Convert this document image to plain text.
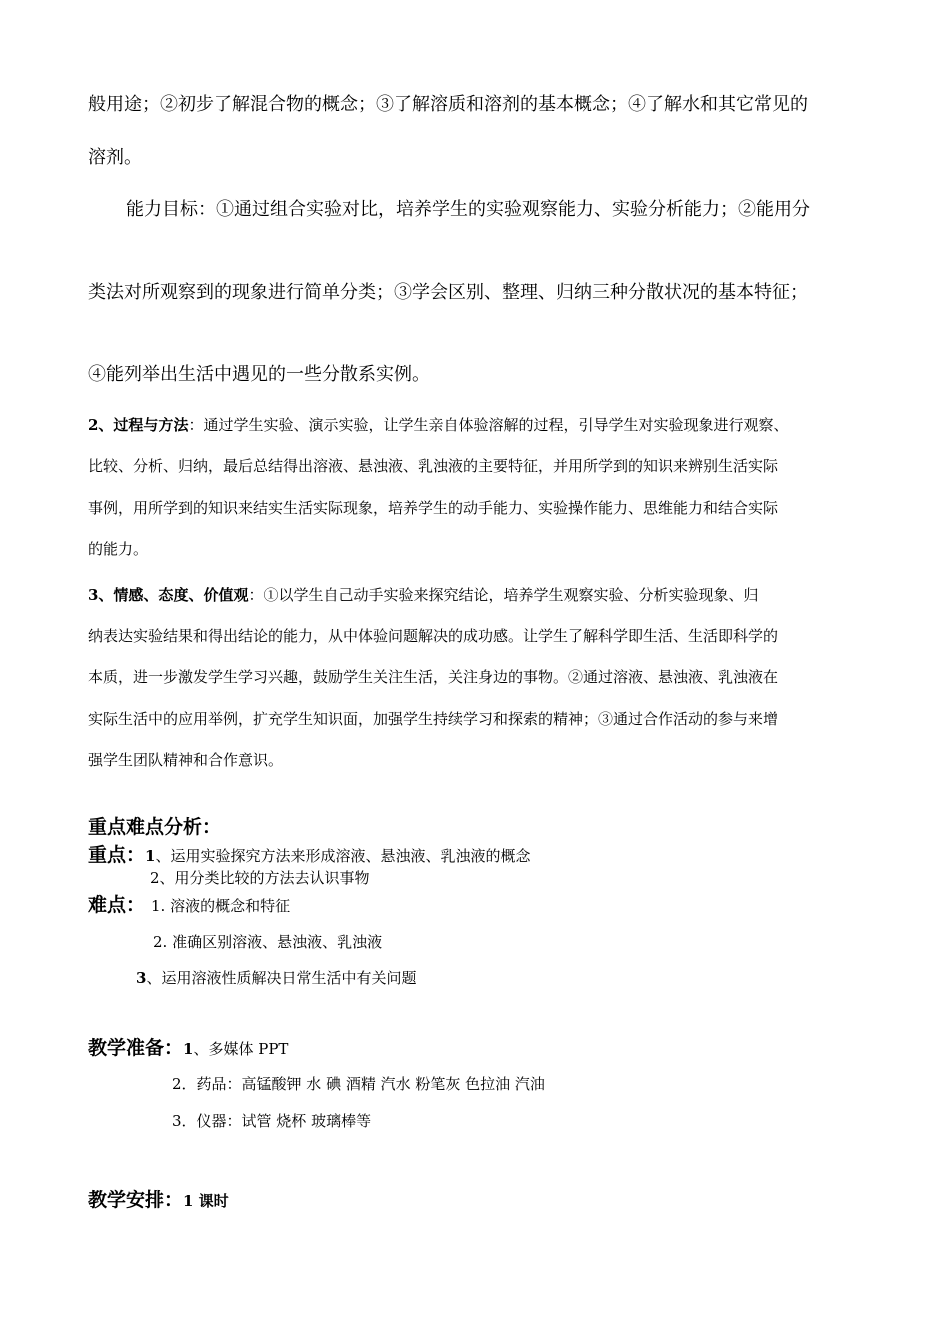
般用途；②初步了解混合物的概念；③了解溶质和溶剂的基本概念；④了解水和其它常见的
溶剂。
能力目标：①通过组合实验对比，培养学生的实验观察能力、实验分析能力；②能用分
类法对所观察到的现象进行简单分类；③学会区别、整理、归纳三种分散状况的基本特征；
④能列举出生活中遇见的一些分散系实例。
2、过程与方法：通过学生实验、演示实验，让学生亲自体验溶解的过程，引导学生对实验现象进行观察、
比较、分析、归纳，最后总结得出溶液、悬浊液、乳浊液的主要特征，并用所学到的知识来辨别生活实际
事例，用所学到的知识来结实生活实际现象，培养学生的动手能力、实验操作能力、思维能力和结合实际
的能力。
3、情感、态度、价值观：①以学生自己动手实验来探究结论，培养学生观察实验、分析实验现象、归
纳表达实验结果和得出结论的能力，从中体验问题解决的成功感。让学生了解科学即生活、生活即科学的
本质，进一步激发学生学习兴趣，鼓励学生关注生活，关注身边的事物。②通过溶液、悬浊液、乳浊液在
实际生活中的应用举例，扩充学生知识面，加强学生持续学习和探索的精神；③通过合作活动的参与来增
强学生团队精神和合作意识。
重点难点分析：
重点：1、运用实验探究方法来形成溶液、悬浊液、乳浊液的概念
2、用分类比较的方法去认识事物
难点： 1. 溶液的概念和特征
2. 准确区别溶液、悬浊液、乳浊液
3、运用溶液性质解决日常生活中有关问题
教学准备：1、多媒体 PPT
2．药品：高锰酸钾 水 碘 酒精 汽水 粉笔灰 色拉油 汽油
3．仪器：试管 烧杯 玻璃棒等
教学安排：1 课时
